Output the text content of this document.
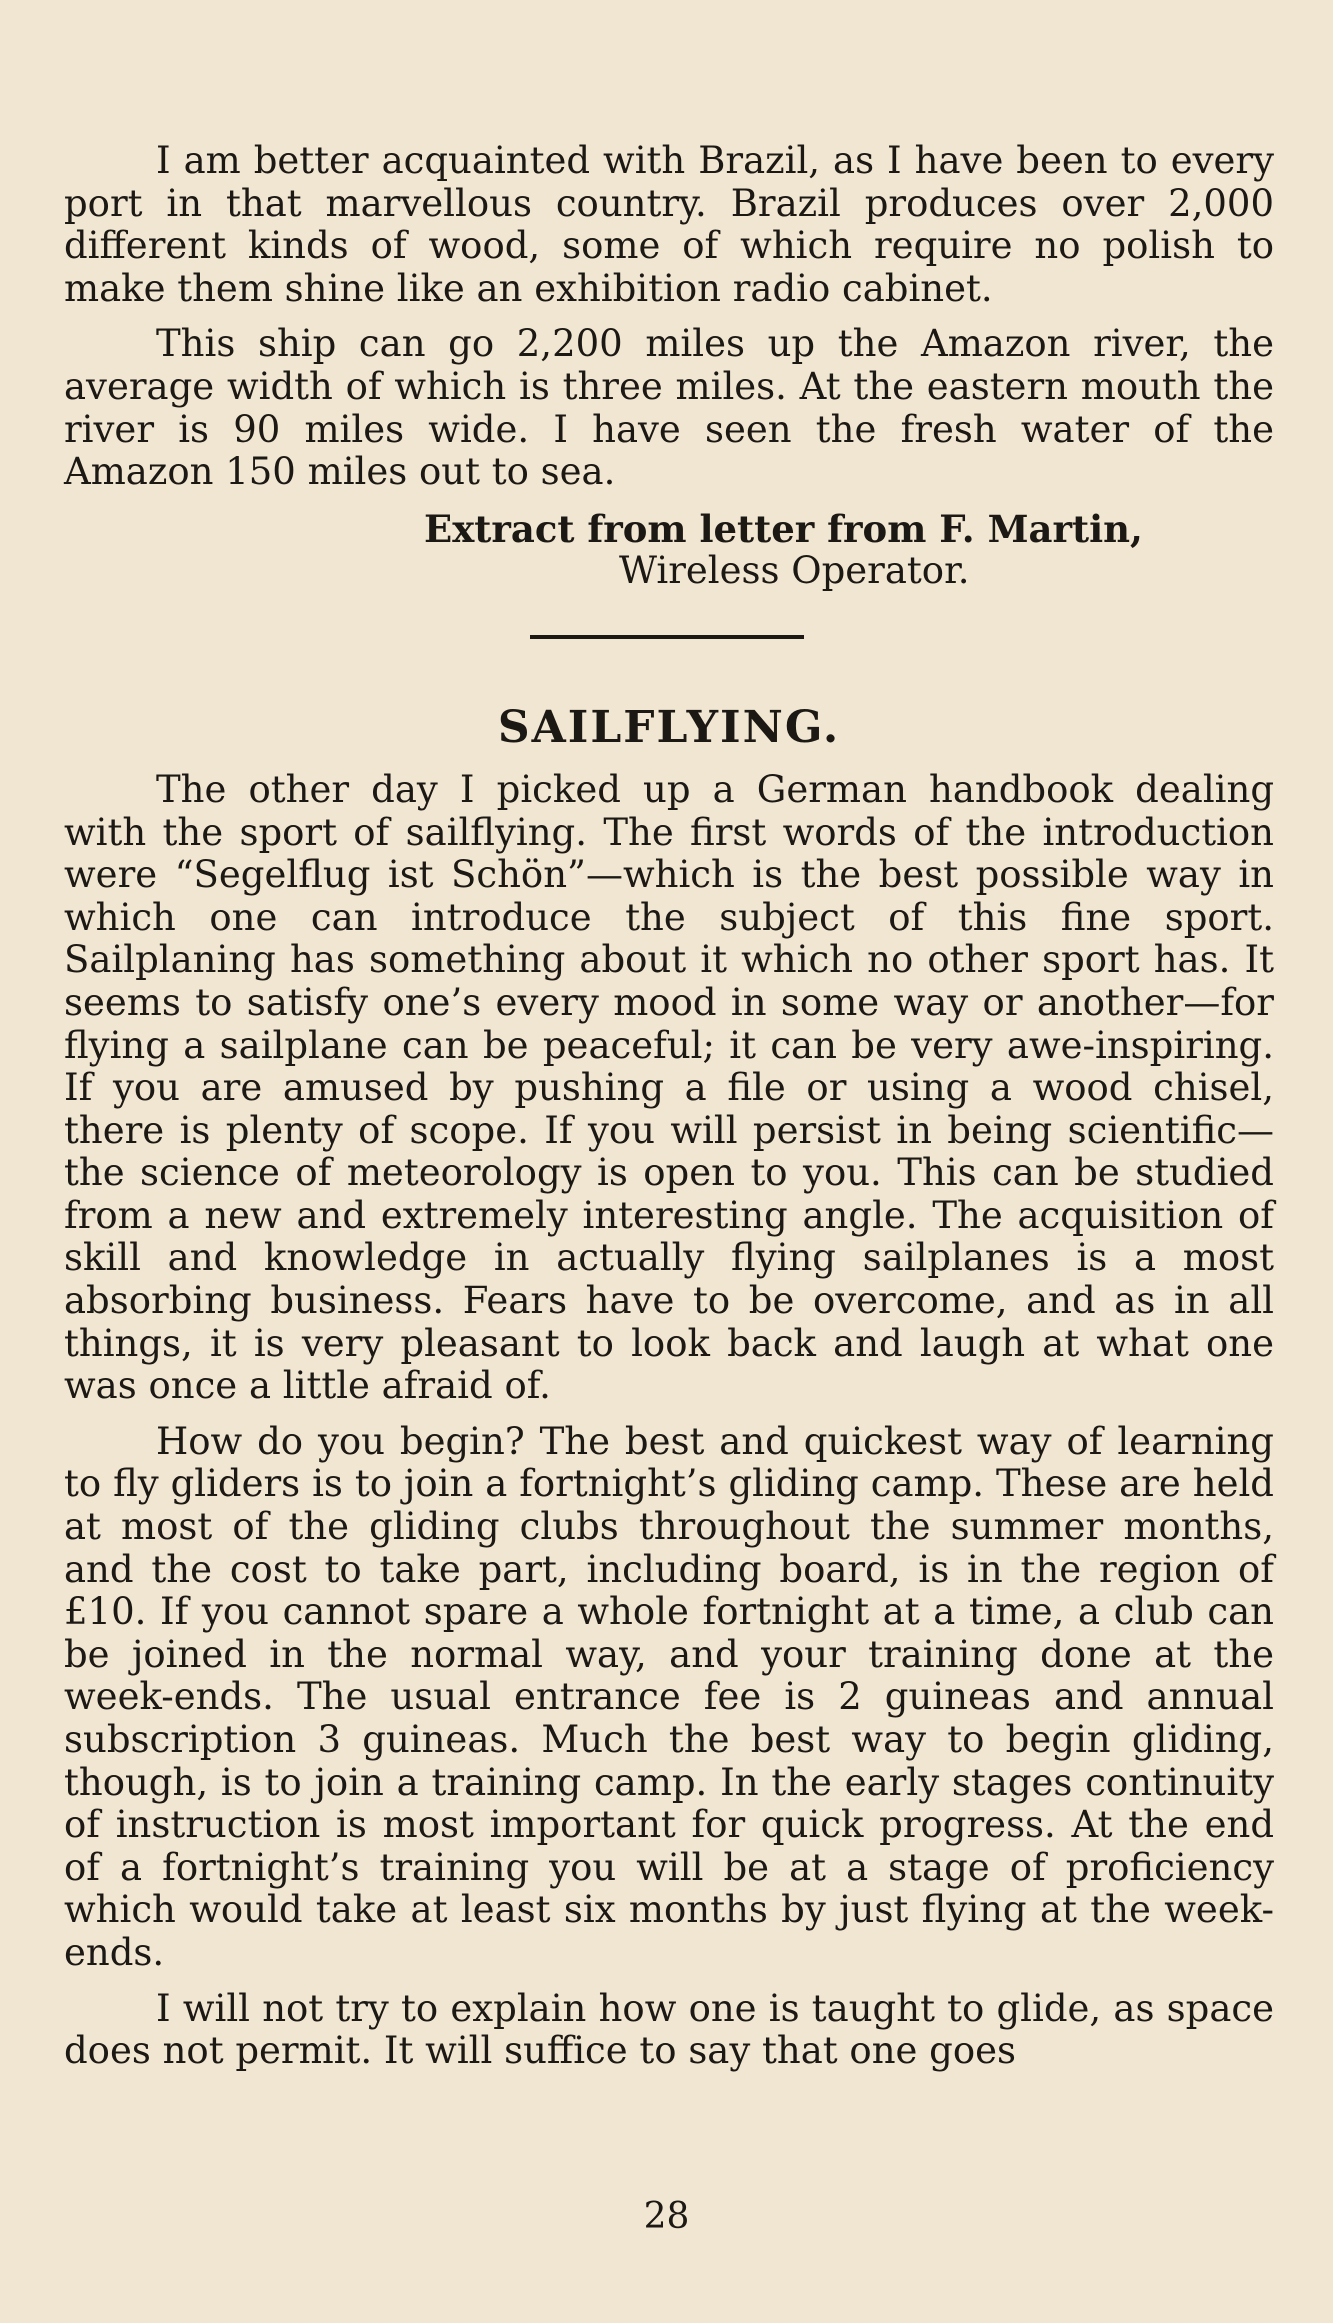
I am better acquainted with Brazil, as I have been to every port in that marvellous country. Brazil produces over 2,000 different kinds of wood, some of which require no polish to make them shine like an exhibition radio cabinet.

This ship can go 2,200 miles up the Amazon river, the average width of which is three miles. At the eastern mouth the river is 90 miles wide. I have seen the fresh water of the Amazon 150 miles out to sea.

Extract from letter from F. Martin,

Wireless Operator.

SAILFLYING.

The other day I picked up a German handbook dealing with the sport of sailflying. The first words of the introduction were “Segelflug ist Schön”—which is the best possible way in which one can introduce the subject of this fine sport. Sailplaning has something about it which no other sport has. It seems to satisfy one’s every mood in some way or another—for flying a sailplane can be peaceful; it can be very awe-inspiring. If you are amused by pushing a file or using a wood chisel, there is plenty of scope. If you will persist in being scientific—the science of meteorology is open to you. This can be studied from a new and extremely interesting angle. The acquisition of skill and knowledge in actually flying sailplanes is a most absorbing business. Fears have to be overcome, and as in all things, it is very pleasant to look back and laugh at what one was once a little afraid of.

How do you begin? The best and quickest way of learning to fly gliders is to join a fortnight’s gliding camp. These are held at most of the gliding clubs throughout the summer months, and the cost to take part, including board, is in the region of £10. If you cannot spare a whole fortnight at a time, a club can be joined in the normal way, and your training done at the week-ends. The usual entrance fee is 2 guineas and annual subscription 3 guineas. Much the best way to begin gliding, though, is to join a training camp. In the early stages continuity of instruction is most important for quick progress. At the end of a fortnight’s training you will be at a stage of proficiency which would take at least six months by just flying at the week-ends.

I will not try to explain how one is taught to glide, as space does not permit. It will suffice to say that one goes

28
